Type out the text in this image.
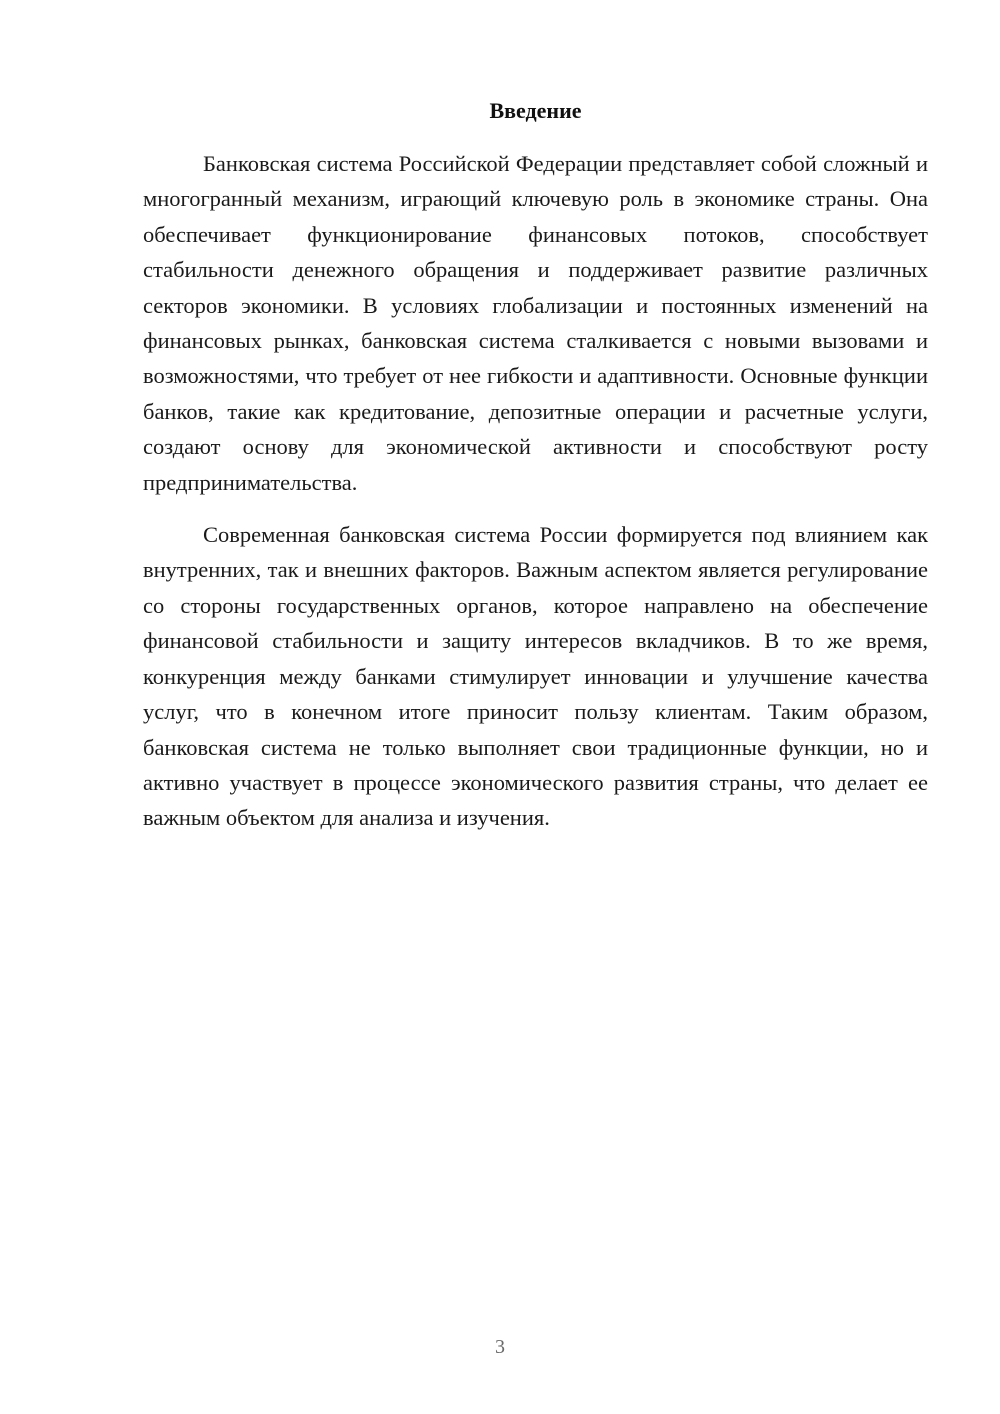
Введение

Банковская система Российской Федерации представляет собой сложный и многогранный механизм, играющий ключевую роль в экономике страны. Она обеспечивает функционирование финансовых потоков, способствует стабильности денежного обращения и поддерживает развитие различных секторов экономики. В условиях глобализации и постоянных изменений на финансовых рынках, банковская система сталкивается с новыми вызовами и возможностями, что требует от нее гибкости и адаптивности. Основные функции банков, такие как кредитование, депозитные операции и расчетные услуги, создают основу для экономической активности и способствуют росту предпринимательства.

Современная банковская система России формируется под влиянием как внутренних, так и внешних факторов. Важным аспектом является регулирование со стороны государственных органов, которое направлено на обеспечение финансовой стабильности и защиту интересов вкладчиков. В то же время, конкуренция между банками стимулирует инновации и улучшение качества услуг, что в конечном итоге приносит пользу клиентам. Таким образом, банковская система не только выполняет свои традиционные функции, но и активно участвует в процессе экономического развития страны, что делает ее важным объектом для анализа и изучения.

3
